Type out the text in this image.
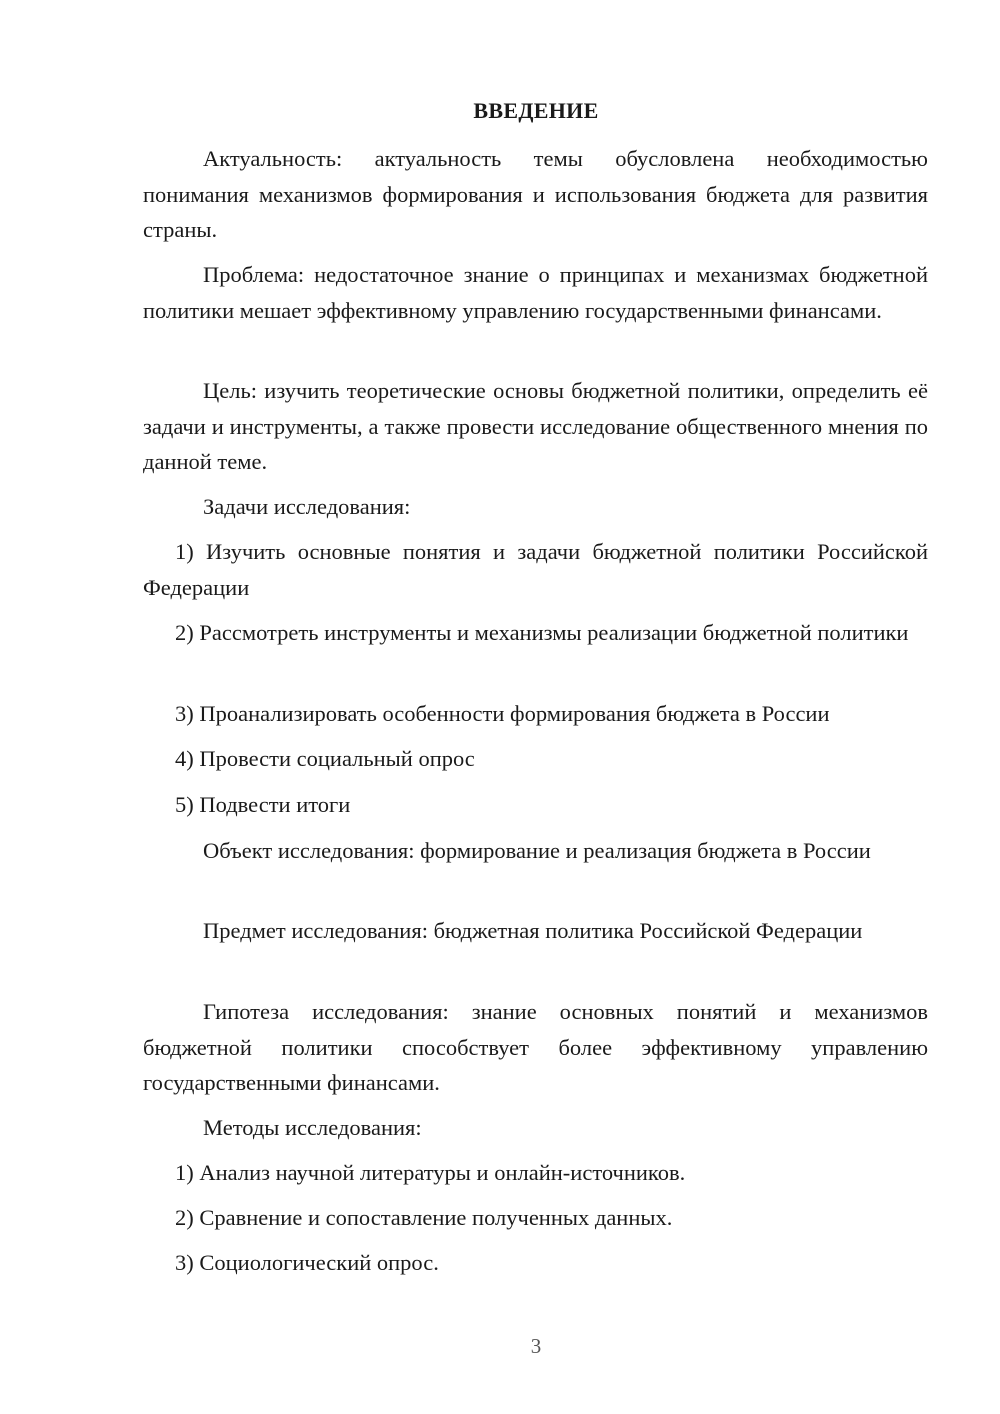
ВВЕДЕНИЕ

Актуальность: актуальность темы обусловлена необходимостью понимания механизмов формирования и использования бюджета для развития страны.

Проблема: недостаточное знание о принципах и механизмах бюджетной политики мешает эффективному управлению государственными финансами.

Цель: изучить теоретические основы бюджетной политики, определить её задачи и инструменты, а также провести исследование общественного мнения по данной теме.

Задачи исследования:

1) Изучить основные понятия и задачи бюджетной политики Российской Федерации

2) Рассмотреть инструменты и механизмы реализации бюджетной политики

3) Проанализировать особенности формирования бюджета в России

4) Провести социальный опрос

5) Подвести итоги

Объект исследования: формирование и реализация бюджета в России

Предмет исследования: бюджетная политика Российской Федерации

Гипотеза исследования: знание основных понятий и механизмов бюджетной политики способствует более эффективному управлению государственными финансами.

Методы исследования:

1) Анализ научной литературы и онлайн-источников.

2) Сравнение и сопоставление полученных данных.

3) Социологический опрос.

3
